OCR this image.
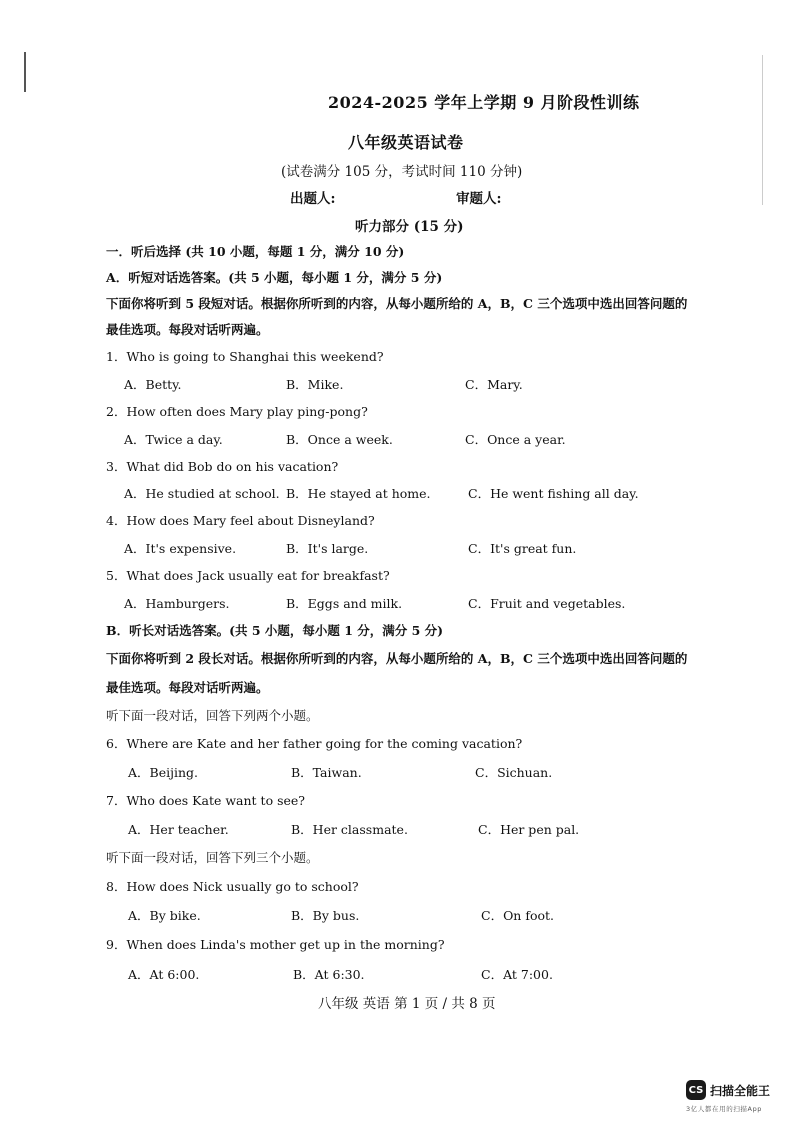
2024-2025 学年上学期 9 月阶段性训练
八年级英语试卷
(试卷满分 105 分，考试时间 110 分钟)
出题人:	审题人:
听力部分 (15 分)
一．听后选择 (共 10 小题，每题 1 分，满分 10 分)
A．听短对话选答案。(共 5 小题，每小题 1 分，满分 5 分)
下面你将听到 5 段短对话。根据你所听到的内容，从每小题所给的 A，B，C 三个选项中选出回答问题的
最佳选项。每段对话听两遍。
1．Who is going to Shanghai this weekend?
A．Betty.	B．Mike.	C．Mary.
2．How often does Mary play ping-pong?
A．Twice a day.	B．Once a week.	C．Once a year.
3．What did Bob do on his vacation?
A．He studied at school. B．He stayed at home.	C．He went fishing all day.
4．How does Mary feel about Disneyland?
A．It's expensive.	B．It's large.	C．It's great fun.
5．What does Jack usually eat for breakfast?
A．Hamburgers.	B．Eggs and milk.	C．Fruit and vegetables.
B．听长对话选答案。(共 5 小题，每小题 1 分，满分 5 分)
下面你将听到 2 段长对话。根据你所听到的内容，从每小题所给的 A，B，C 三个选项中选出回答问题的
最佳选项。每段对话听两遍。
听下面一段对话，回答下列两个小题。
6．Where are Kate and her father going for the coming vacation?
A．Beijing.	B．Taiwan.	C．Sichuan.
7．Who does Kate want to see?
A．Her teacher.	B．Her classmate.	C．Her pen pal.
听下面一段对话，回答下列三个小题。
8．How does Nick usually go to school?
A．By bike.	B．By bus.	C．On foot.
9．When does Linda's mother get up in the morning?
A．At 6:00.	B．At 6:30.	C．At 7:00.
八年级 英语 第 1 页 / 共 8 页
CS 扫描全能王
3亿人都在用的扫描App
